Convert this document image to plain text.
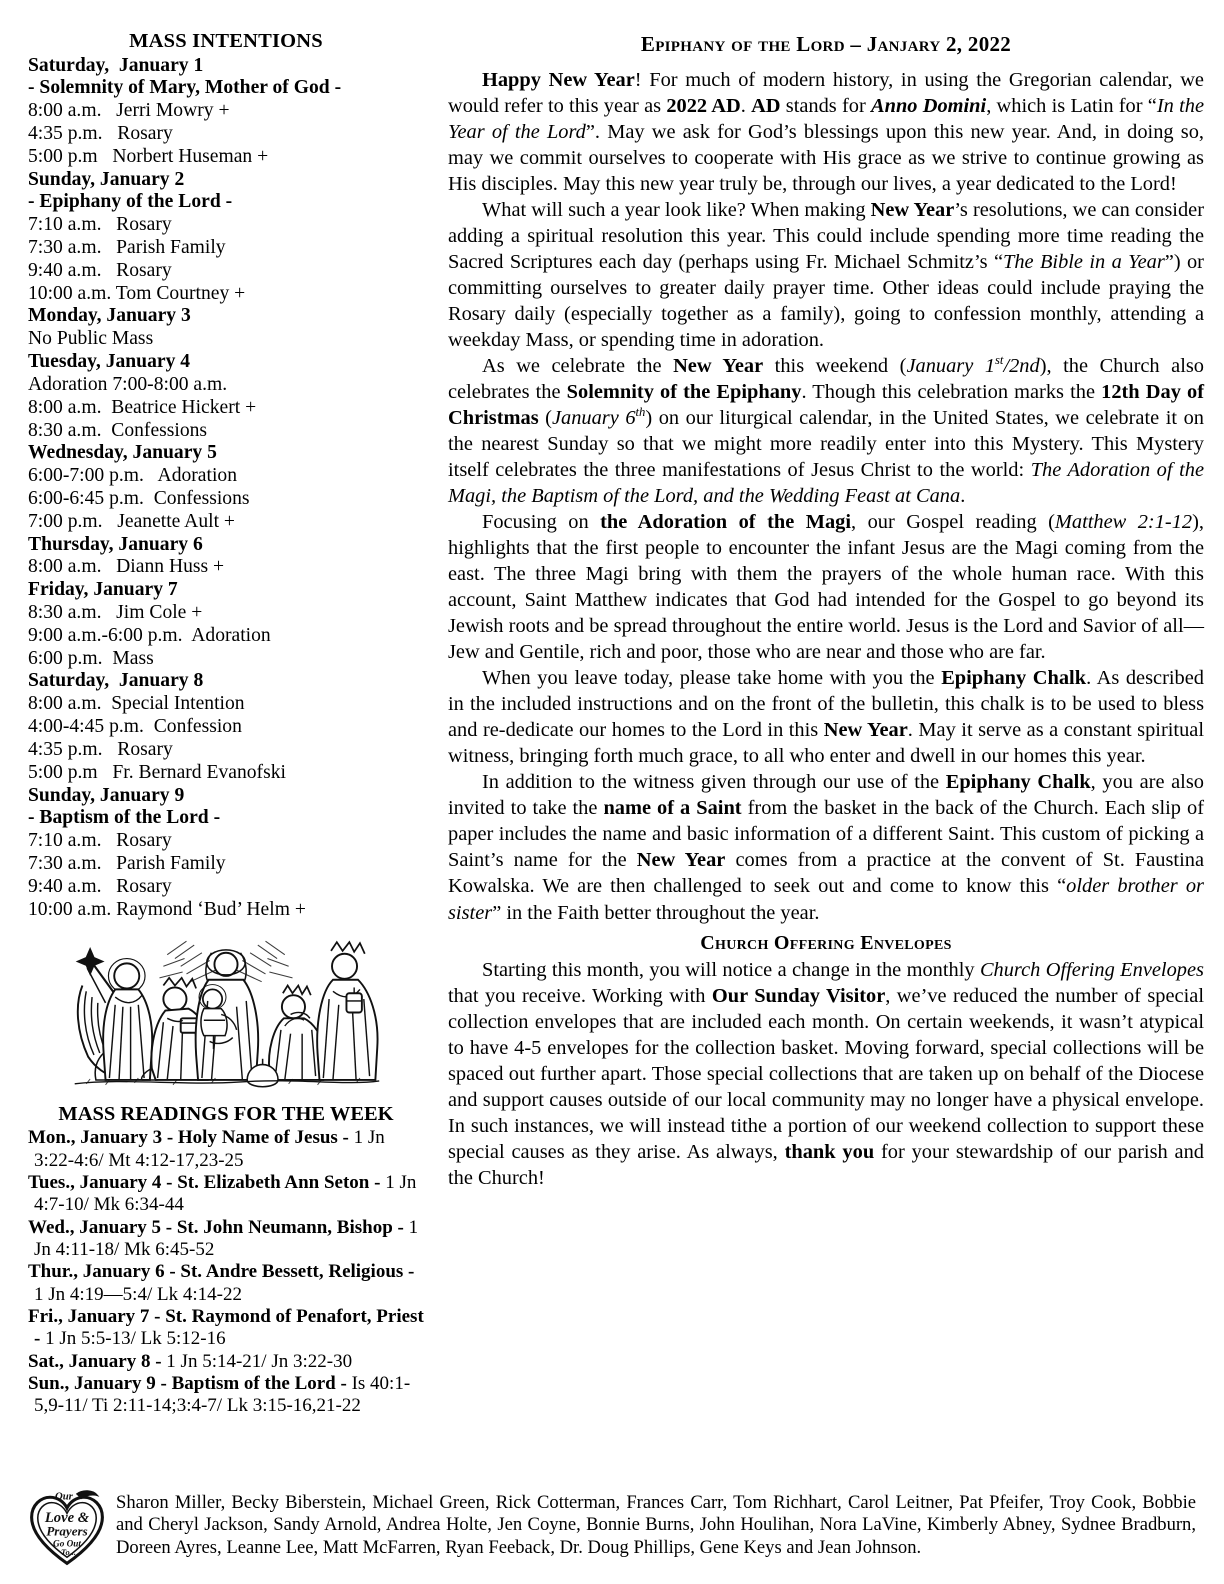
MASS INTENTIONS
Saturday,  January 1
- Solemnity of Mary, Mother of God -
8:00 a.m.   Jerri Mowry +
4:35 p.m.   Rosary
5:00 p.m   Norbert Huseman +
Sunday, January 2
- Epiphany of the Lord -
7:10 a.m.   Rosary
7:30 a.m.   Parish Family
9:40 a.m.   Rosary
10:00 a.m. Tom Courtney +
Monday, January 3
No Public Mass
Tuesday, January 4
Adoration 7:00-8:00 a.m.
8:00 a.m.  Beatrice Hickert +
8:30 a.m.  Confessions
Wednesday, January 5
6:00-7:00 p.m.   Adoration
6:00-6:45 p.m.  Confessions
7:00 p.m.   Jeanette Ault +
Thursday, January 6
8:00 a.m.   Diann Huss +
Friday, January 7
8:30 a.m.   Jim Cole +
9:00 a.m.-6:00 p.m.  Adoration
6:00 p.m.  Mass
Saturday,  January 8
8:00 a.m.  Special Intention
4:00-4:45 p.m.  Confession
4:35 p.m.   Rosary
5:00 p.m   Fr. Bernard Evanofski
Sunday, January 9
- Baptism of the Lord -
7:10 a.m.   Rosary
7:30 a.m.   Parish Family
9:40 a.m.   Rosary
10:00 a.m. Raymond ‘Bud’ Helm +
MASS READINGS FOR THE WEEK

Mon., January 3 - Holy Name of Jesus - 1 Jn 3:22-4:6/ Mt 4:12-17,23-25

Tues., January 4 - St. Elizabeth Ann Seton - 1 Jn 4:7-10/ Mk 6:34-44

Wed., January 5 - St. John Neumann, Bishop - 1 Jn 4:11-18/ Mk 6:45-52

Thur., January 6 - St. Andre Bessett, Religious - 1 Jn 4:19—5:4/ Lk 4:14-22

Fri., January 7 - St. Raymond of Penafort, Priest - 1 Jn 5:5-13/ Lk 5:12-16

Sat., January 8 - 1 Jn 5:14-21/ Jn 3:22-30

Sun., January 9 - Baptism of the Lord - Is 40:1-5,9-11/ Ti 2:11-14;3:4-7/ Lk 3:15-16,21-22

Epiphany of the Lord – Janjary 2, 2022

Happy New Year! For much of modern history, in using the Gregorian calendar, we would refer to this year as 2022 AD. AD stands for Anno Domini, which is Latin for “In the Year of the Lord”. May we ask for God’s blessings upon this new year. And, in doing so, may we commit ourselves to cooperate with His grace as we strive to continue growing as His disciples. May this new year truly be, through our lives, a year dedicated to the Lord!

What will such a year look like? When making New Year’s resolutions, we can consider adding a spiritual resolution this year. This could include spending more time reading the Sacred Scriptures each day (perhaps using Fr. Michael Schmitz’s “The Bible in a Year”) or committing ourselves to greater daily prayer time. Other ideas could include praying the Rosary daily (especially together as a family), going to confession monthly, attending a weekday Mass, or spending time in adoration.

As we celebrate the New Year this weekend (January 1st/2nd), the Church also celebrates the Solemnity of the Epiphany. Though this celebration marks the 12th Day of Christmas (January 6th) on our liturgical calendar, in the United States, we celebrate it on the nearest Sunday so that we might more readily enter into this Mystery. This Mystery itself celebrates the three manifestations of Jesus Christ to the world: The Adoration of the Magi, the Baptism of the Lord, and the Wedding Feast at Cana.

Focusing on the Adoration of the Magi, our Gospel reading (Matthew 2:1-12), highlights that the first people to encounter the infant Jesus are the Magi coming from the east. The three Magi bring with them the prayers of the whole human race. With this account, Saint Matthew indicates that God had intended for the Gospel to go beyond its Jewish roots and be spread throughout the entire world. Jesus is the Lord and Savior of all—Jew and Gentile, rich and poor, those who are near and those who are far.

When you leave today, please take home with you the Epiphany Chalk. As described in the included instructions and on the front of the bulletin, this chalk is to be used to bless and re-dedicate our homes to the Lord in this New Year. May it serve as a constant spiritual witness, bringing forth much grace, to all who enter and dwell in our homes this year.

In addition to the witness given through our use of the Epiphany Chalk, you are also invited to take the name of a Saint from the basket in the back of the Church. Each slip of paper includes the name and basic information of a different Saint. This custom of picking a Saint’s name for the New Year comes from a practice at the convent of St. Faustina Kowalska. We are then challenged to seek out and come to know this “older brother or sister” in the Faith better throughout the year.

Church Offering Envelopes

Starting this month, you will notice a change in the monthly Church Offering Envelopes that you receive. Working with Our Sunday Visitor, we’ve reduced the number of special collection envelopes that are included each month. On certain weekends, it wasn’t atypical to have 4-5 envelopes for the collection basket. Moving forward, special collections will be spaced out further apart. Those special collections that are taken up on behalf of the Diocese and support causes outside of our local community may no longer have a physical envelope. In such instances, we will instead tithe a portion of our weekend collection to support these special causes as they arise. As always, thank you for your stewardship of our parish and the Church!

Our
Love &
Prayers
Go Out
To...
Sharon Miller, Becky Biberstein, Michael Green, Rick Cotterman, Frances Carr, Tom Richhart, Carol Leitner, Pat Pfeifer, Troy Cook, Bobbie and Cheryl Jackson, Sandy Arnold, Andrea Holte, Jen Coyne, Bonnie Burns, John Houlihan, Nora LaVine, Kimberly Abney, Sydnee Bradburn, Doreen Ayres, Leanne Lee, Matt McFarren, Ryan Feeback, Dr. Doug Phillips, Gene Keys and Jean Johnson.
